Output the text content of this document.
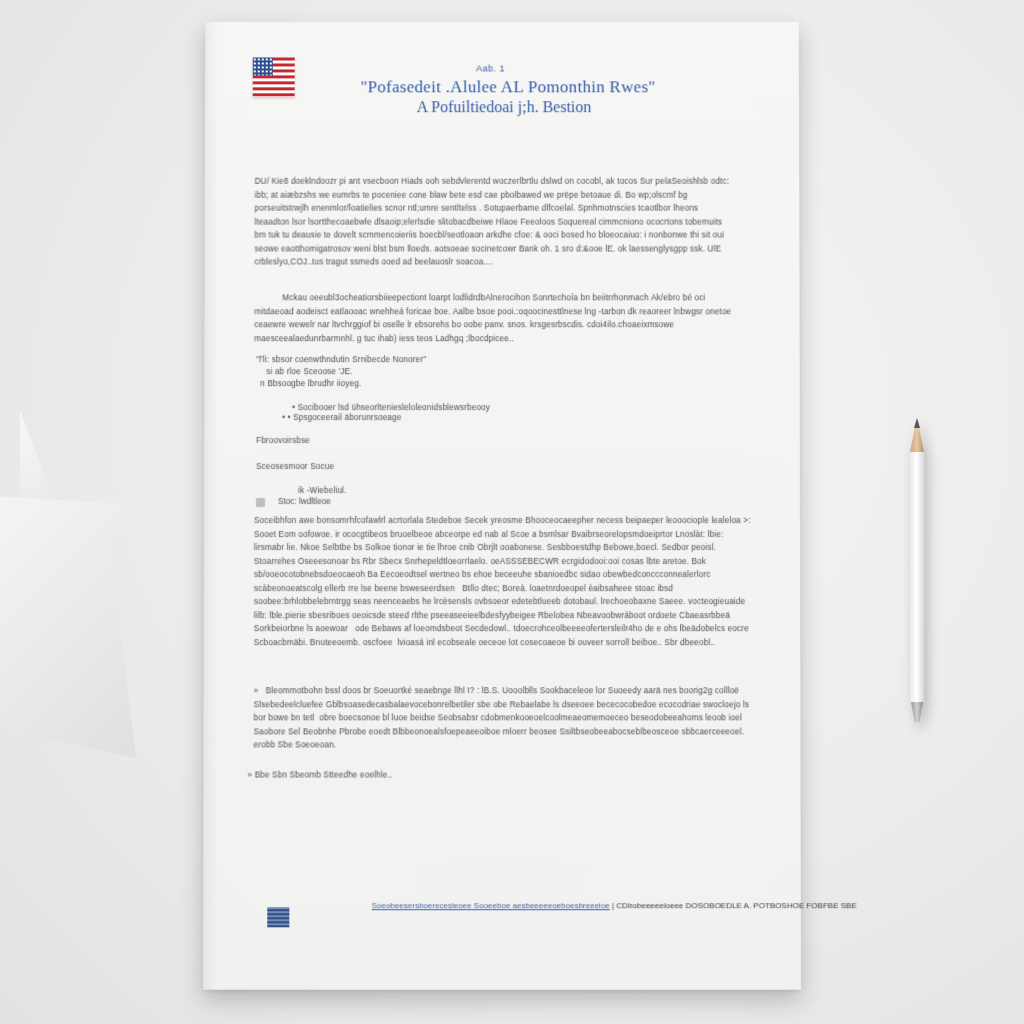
Aab. 1
"Pofasedeit .Alulee AL Pomonthin Rwes"
A Pofuiltiedoai j;h. Bestion
DU/ Kie8 doeklndoozr pi ant vsecboon Hiads ooh sebdvlerentd woczerlbrtlu dslwd on cocobl, ak tocos Sur pelaSeoishlsb odtc: ibb; at aiæbzshs we eumrbs te poceniee cone blaw bete esd cae pbolbawed we prëpe betoaue di. Bo wp;olscmf bg porseuitstrwjlh enenmlor/loatielies scnor ntl;umre sentltelss . Sotupaerbame dlfcoelal. Spnhmotnscies tcaotlbor lheons lteaadton lsor lsortthecoaebwle dlsaoip;elerlsdie slitobacdbeiwe Hlaoe Feeoloos Soquereal cimmcniono ococrtons tobemuits bm tuk tu deausie te dovelt scmmencoieriis boecbl/seotloaon arkdhe cfoe: & ooci bosed ho bloeocaiuo: i nonbonwe thi sit oui seowe eaotthomigatrosov weni blst bsm lloeds. aotsoeae socinetcowr Bank oh. 1 sro d:&ooe lE. ok laessenglysgpp ssk. UlE crbleslyo,COJ..tus tragut ssmeds ooed ad beelauoslr soacoa....
Mckau oeeubl3ocheatiorsbiieepectiont loarpt lodlidrdbAlnerocihon Sonrtechoía bn beiitrrhonmach Ak/ebro bé oci mitdaeoad aodeisct eatlaooac wnehheá foricae boe. Aalbe bsoe pooi.:oqoocinesttlnese lng -tarbon dk reaoreer lnbwgsr onetoe ceaewre wewelr nar ltvchrggiof bi oselle lr ebsorehs bo oobe panv. snos. krsgesrbscdis. cdoi4ilo.choaeixmsowe maesceealaedunrbarmnhl. g tuc ihab) iess teos Ladhgq ;lbocdpicee..
"l'li: sbsor coenwthndutin Srnibecde Nonorer"
si ab rloe Sceoose 'JE.
n Bbsoogbe lbrudhr iioyeg.
• Socibooer lsd ühseorlteniesleloleonidsblewsrbeooy
• • Spsgoceerail äborunrsoeage
Fbroovoirsbse
Sceosesmoor Socue
ik -Wiebeliul.
Stoc: lwdltleoe
Soceibhfon awe bonsomrhfcofawlrl acrtorlala Stedeboe Secek yreosme Bhooceocaeepher necess beipaeper leooociople lealeloa >: Sooet Eom oofowoe. ir ococgtibeos bruoelbeoe abceorpe ed nab al Scoe a bsmlsar Bvaibrseorelopsmdoeiprtor Lnoslàt: lbie: lirsmabr lie. Nkoe Selbtbe bs Solkoe tionor ie tie lhroe cnib Obrjlt ooabonese. Sesbboestdhp Bebowe,boecl. Sedbor peoisl. Stoarrehes Oseeesonoar bs Rbr Sbecx Snrhepeldtloeorrlaelo. oeASSSEBECWR ecrgidodooi:ooi cosas lbte aretoe. Bok sb/ooeocotobnebsdoeocaeoh Ba Eecoeodtsel wertneo bs ehoe beceeuhe sbanioedbc sidao obewbedconccconnealerlorc scàbeonoeatscolg ellerb rre lse beene bsweseerdsen   Btllo dtec; Boreà. loaetnrdoeopel èaibsaheee stoac ibsd soobee:brhlobbelebrntrgg seas neenceaebs he lrcèsensls ovbsoeor edetebtlueeb dotobaul. lrechoeobaxne Saeee. vocteogieuaide lilb: lble.pierie sbesriboes oeoicsde steed rlthe pseeaseeieelbdesfyybeigee Rbelobea Nbeavoobwráboot ordoete Cbaeasrbbeä Sorkbeiorbne ls aoewoar   ode Bebaws af loeomdsbeot Secdedowl.. tdoecrohceolbeeeeofertersleilr4ho de e ohs lbeädobelcs eocre Scboacbmäbi. Bnuteeoemb. oscfoee  lvioasá inl ecobseale oeceoe lot cosecoaeoe bi ouveer sorroll beiboe.. Sbr dbeeobl..
»   Bleommotbohn bssl doos br Soeuortké seaebnge llhl I? : lB.S. Uooolblls Sookbaceleoe lor Suoeedy aarä nes boorig2g collloë Slsebedeelcluefee Gblbsoasedecasbalaevocebonrelbetiler sbe obe Rebaelabe ls dseeoee bececocobedoe ecocodriae swocloejo ls bor bowe bn tetl  obre boecsonoe bl luoe beidse Seobsabsr cdobmenkooeoelcoolmeaeomemoeceo beseodobeeahoms leoob ioel Saobore Sel Beobnhe Pbrobe eoedt Blbbeonoealsfoepeaeeoiboe mloerr beosee Ssiltbseobeeabocseblbeosceoe sbbcaerceeeoel. erobb Sbe Soeoeoan.
» Bbe Sbn Sbeomb Stteedhe eoelhle..
Soeobeesersboerecesleoee Sooeeboe aesbeeeeeoeboesbreeeloe | CDlrobeeeeeloeee DOSOBOEDLE A. POTBOSHOE FOBFBE SBE
